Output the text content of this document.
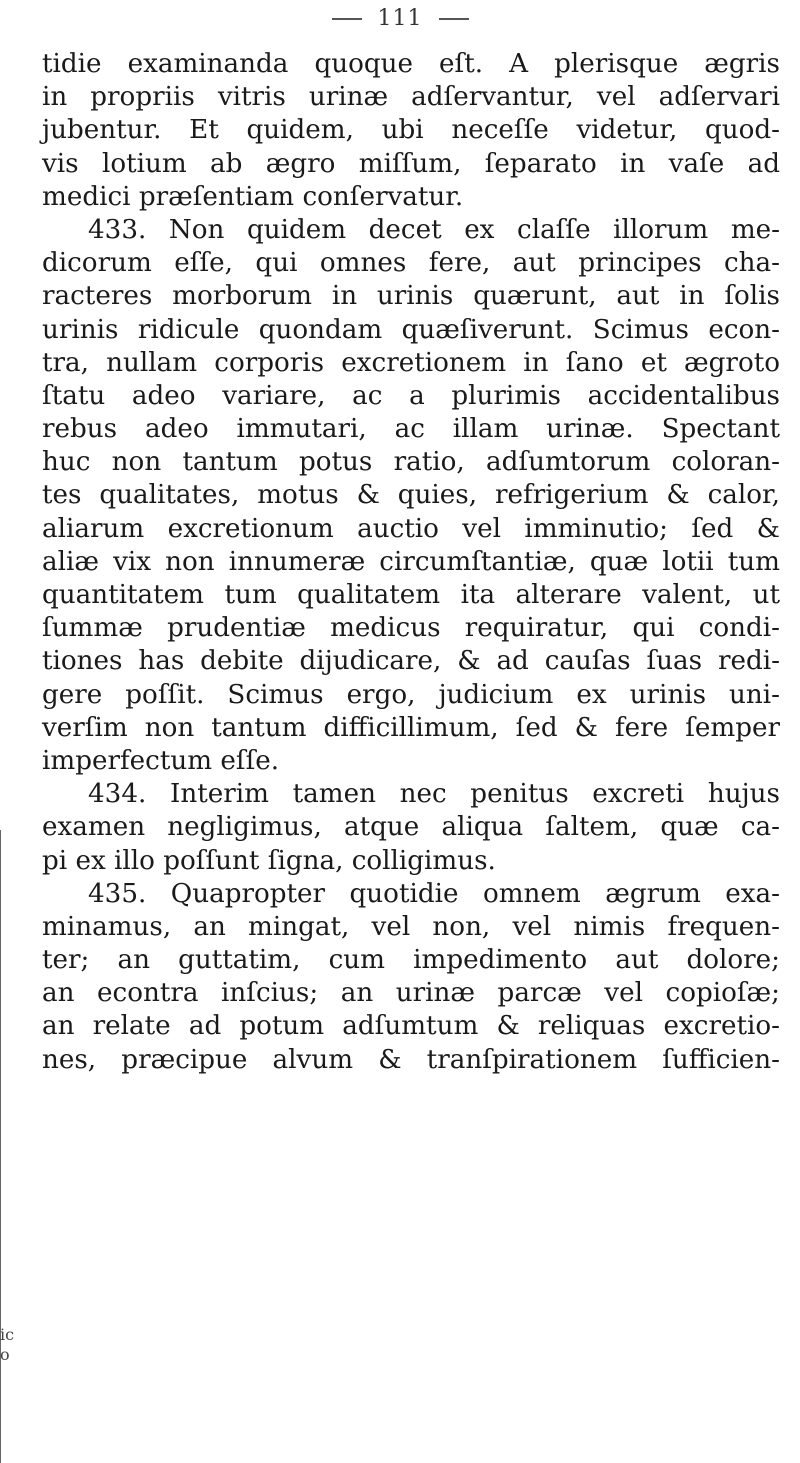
111
tidie examinanda quoque eſt. A plerisque ægris
in propriis vitris urinæ adſervantur, vel adſervari
jubentur. Et quidem, ubi neceſſe videtur, quod-
vis lotium ab ægro miſſum, ſeparato in vaſe ad
medici præſentiam conſervatur.
433. Non quidem decet ex claſſe illorum me-
dicorum eſſe, qui omnes fere, aut principes cha-
racteres morborum in urinis quærunt, aut in ſolis
urinis ridicule quondam quæſiverunt. Scimus econ-
tra, nullam corporis excretionem in ſano et ægroto
ſtatu adeo variare, ac a plurimis accidentalibus
rebus adeo immutari, ac illam urinæ. Spectant
huc non tantum potus ratio, adſumtorum coloran-
tes qualitates, motus & quies, refrigerium & calor,
aliarum excretionum auctio vel imminutio; ſed &
aliæ vix non innumeræ circumſtantiæ, quæ lotii tum
quantitatem tum qualitatem ita alterare valent, ut
ſummæ prudentiæ medicus requiratur, qui condi-
tiones has debite dijudicare, & ad cauſas ſuas redi-
gere poſſit. Scimus ergo, judicium ex urinis uni-
verſim non tantum difficillimum, ſed & fere ſemper
imperfectum eſſe.
434. Interim tamen nec penitus excreti hujus
examen negligimus, atque aliqua ſaltem, quæ ca-
pi ex illo poſſunt ſigna, colligimus.
435. Quapropter quotidie omnem ægrum exa-
minamus, an mingat, vel non, vel nimis frequen-
ter; an guttatim, cum impedimento aut dolore;
an econtra inſcius; an urinæ parcæ vel copioſæ;
an relate ad potum adſumtum & reliquas excretio-
nes, præcipue alvum & tranſpirationem ſufficien-
ic
o
